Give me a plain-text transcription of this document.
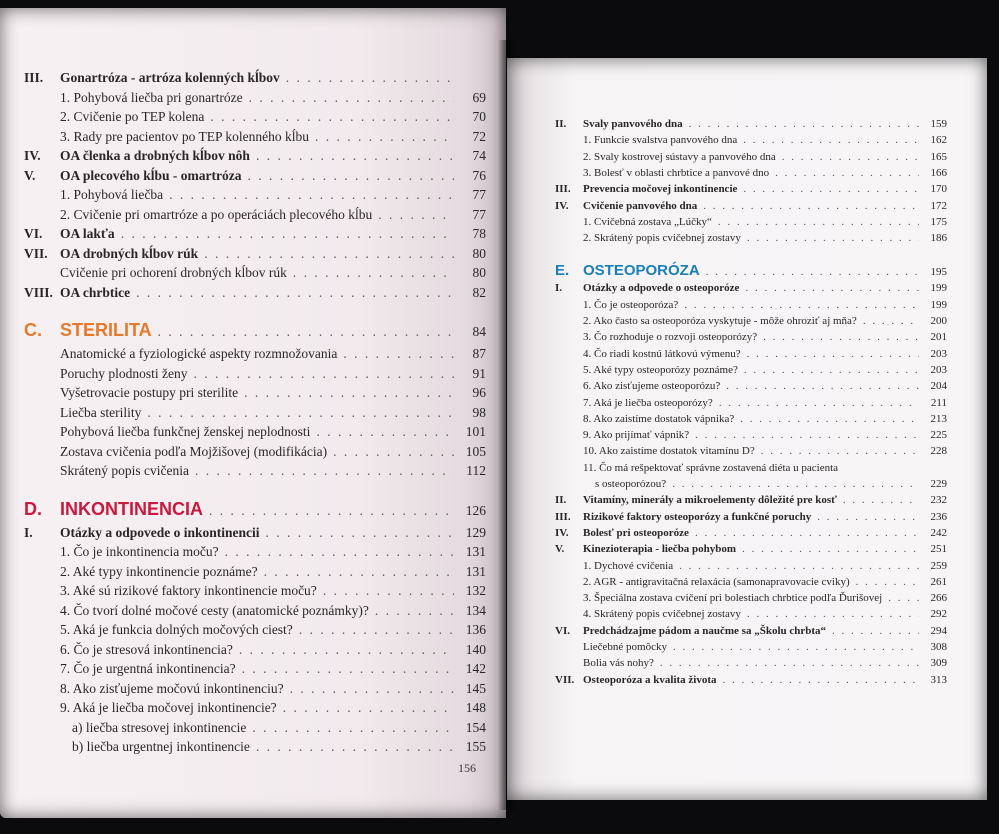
III.	Gonartróza - artróza kolenných kĺbov
. . .
1. Pohybová liečba pri gonartróze . . .	69
2. Cvičenie po TEP kolena . . .	70
3. Rady pre pacientov po TEP kolenného kĺbu . . .	72
IV.	OA členka a drobných kĺbov nôh . . .	74
V.	OA plecového kĺbu - omartróza . . .	76
1. Pohybová liečba . . .	77
2. Cvičenie pri omartróze a po operáciách plecového kĺbu . . .	77
VI.	OA lakťa . . .	78
VII. OA drobných kĺbov rúk . . .	80
Cvičenie pri ochorení drobných kĺbov rúk . . .	80
VIII. OA chrbtice . . .	82
C.	STERILITA . . .	84
Anatomické a fyziologické aspekty rozmnožovania . . .	87
Poruchy plodnosti ženy . . .	91
Vyšetrovacie postupy pri sterilite . . .	96
Liečba sterility . . .	98
Pohybová liečba funkčnej ženskej neplodnosti . . .	101
Zostava cvičenia podľa Mojžišovej (modifikácia) . . .	105
Skrátený popis cvičenia . . .	112
D.	INKONTINENCIA . . .	126
I.	Otázky a odpovede o inkontinencii . . .	129
1. Čo je inkontinencia moču? . . .	131
2. Aké typy inkontinencie poznáme? . . .	131
3. Aké sú rizikové faktory inkontinencie moču? . . .	132
4. Čo tvorí dolné močové cesty (anatomické poznámky)? . . .	134
5. Aká je funkcia dolných močových ciest? . . .	136
6. Čo je stresová inkontinencia? . . .	140
7. Čo je urgentná inkontinencia? . . .	142
8. Ako zisťujeme močovú inkontinenciu? . . .	145
9. Aká je liečba močovej inkontinencie? . . .	148
a) liečba stresovej inkontinencie . . .	154
b) liečba urgentnej inkontinencie . . .	155
156
II.	Svaly panvového dna . . .	159
1. Funkcie svalstva panvového dna . . .	162
2. Svaly kostrovej sústavy a panvového dna . . .	165
3. Bolesť v oblasti chrbtice a panvové dno . . .	166
III.	Prevencia močovej inkontinencie . . .	170
IV.	Cvičenie panvového dna . . .	172
1. Cvičebná zostava „Lúčky“ . . .	175
2. Skrátený popis cvičebnej zostavy . . .	186
E. OSTEOPORÓZA . . .	195
I.	Otázky a odpovede o osteoporóze . . .	199
1. Čo je osteoporóza? . . .	199
2. Ako často sa osteoporóza vyskytuje - môže ohroziť aj mňa? . . .	200
3. Čo rozhoduje o rozvoji osteoporózy? . . .	201
4. Čo riadi kostnú látkovú výmenu? . . .	203
5. Aké typy osteoporózy poznáme? . . .	203
6. Ako zisťujeme osteoporózu? . . .	204
7. Aká je liečba osteoporózy? . . .	211
8. Ako zaistíme dostatok vápnika? . . .	213
9. Ako prijímať vápnik? . . .	225
10. Ako zaistíme dostatok vitamínu D? . . .	228
11. Čo má rešpektovať správne zostavená diéta u pacienta
s osteoporózou? . . .	229
II.	Vitamíny, minerály a mikroelementy dôležité pre kosť . . .	232
III.	Rizikové faktory osteoporózy a funkčné poruchy . . .	236
IV.	Bolesť pri osteoporóze . . .	242
V.	Kinezioterapia - liečba pohybom . . .	251
1. Dychové cvičenia . . .	259
2. AGR - antigravitačná relaxácia (samonapravovacie cviky) . . .	261
3. Špeciálna zostava cvičení pri bolestiach chrbtice podľa Ďurišovej . . .	266
4. Skrátený popis cvičebnej zostavy . . .	292
VI.	Predchádzajme pádom a naučme sa „Školu chrbta“ . . .	294
Liečebné pomôcky . . .	308
Bolia vás nohy? . . .	309
VII. Osteoporóza a kvalita života . . .	313
